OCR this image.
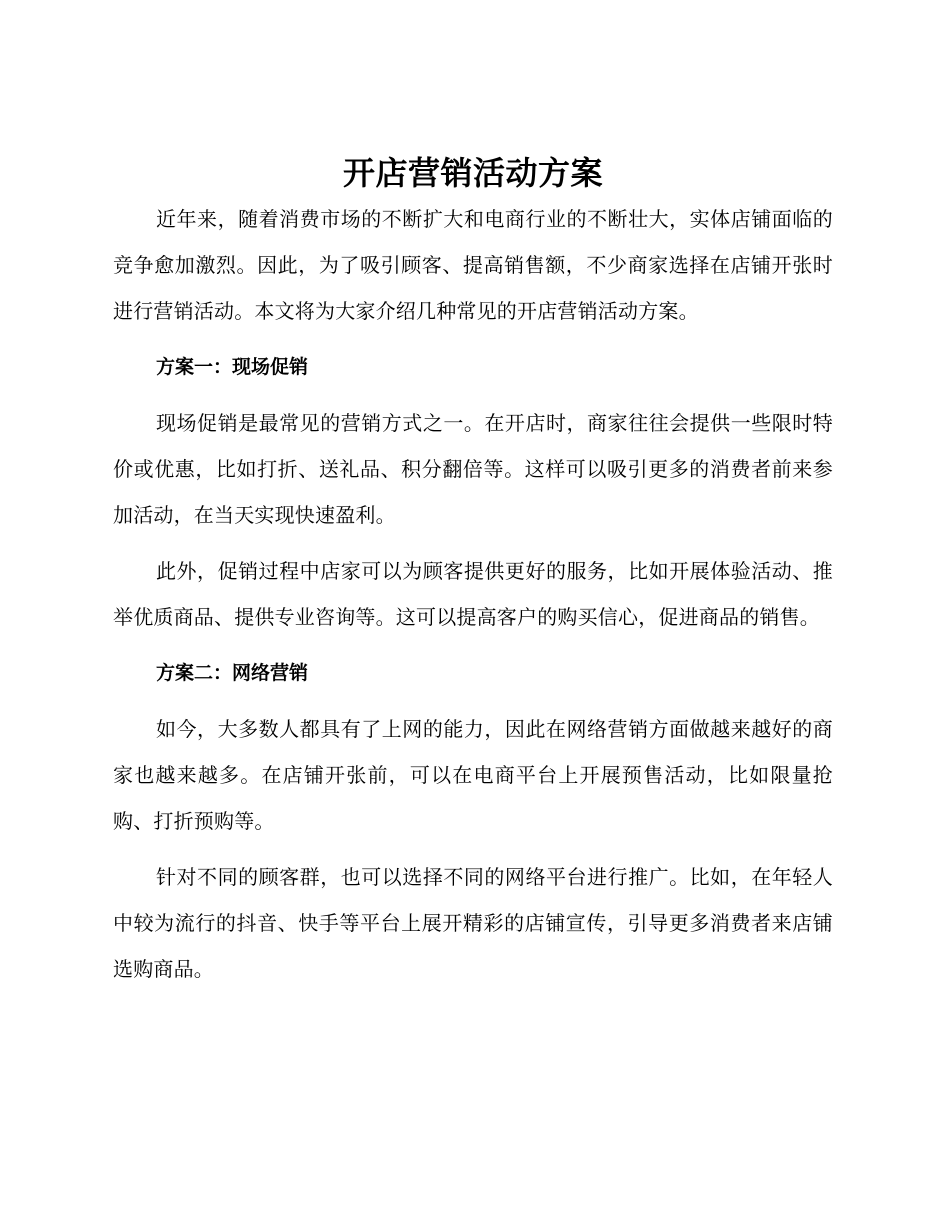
开店营销活动方案

近年来，随着消费市场的不断扩大和电商行业的不断壮大，实体店铺面临的竞争愈加激烈。因此，为了吸引顾客、提高销售额，不少商家选择在店铺开张时进行营销活动。本文将为大家介绍几种常见的开店营销活动方案。

方案一：现场促销

现场促销是最常见的营销方式之一。在开店时，商家往往会提供一些限时特价或优惠，比如打折、送礼品、积分翻倍等。这样可以吸引更多的消费者前来参加活动，在当天实现快速盈利。

此外，促销过程中店家可以为顾客提供更好的服务，比如开展体验活动、推举优质商品、提供专业咨询等。这可以提高客户的购买信心，促进商品的销售。

方案二：网络营销

如今，大多数人都具有了上网的能力，因此在网络营销方面做越来越好的商家也越来越多。在店铺开张前，可以在电商平台上开展预售活动，比如限量抢购、打折预购等。

针对不同的顾客群，也可以选择不同的网络平台进行推广。比如，在年轻人中较为流行的抖音、快手等平台上展开精彩的店铺宣传，引导更多消费者来店铺选购商品。
